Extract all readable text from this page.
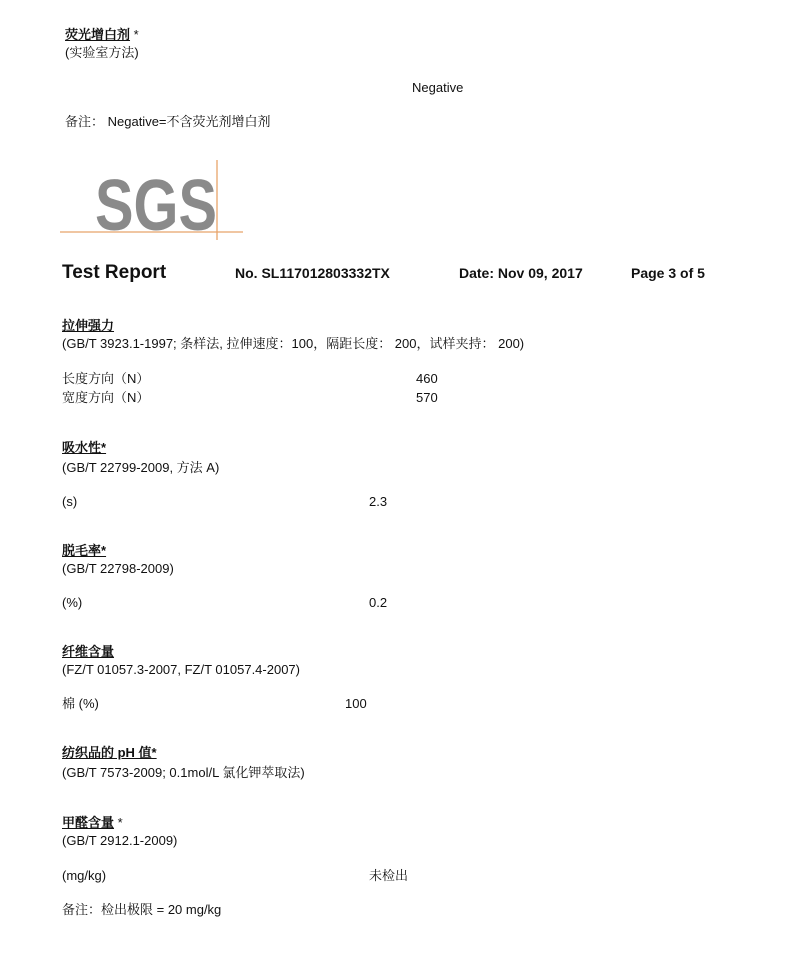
荧光增白剂 *
(实验室方法)
Negative
备注： Negative=不含荧光剂增白剂
SGS
Test Report	No. SL117012803332TX	Date: Nov 09, 2017	Page 3 of 5
拉伸强力
(GB/T 3923.1-1997; 条样法, 拉伸速度：100，隔距长度： 200，试样夹持： 200)
长度方向（N）	460
宽度方向（N）	570
吸水性*
(GB/T 22799-2009, 方法 A)
(s)	2.3
脱毛率*
(GB/T 22798-2009)
(%)	0.2
纤维含量
(FZ/T 01057.3-2007, FZ/T 01057.4-2007)
棉 (%)	100
纺织品的 pH 值*
(GB/T 7573-2009; 0.1mol/L 氯化钾萃取法)
甲醛含量 *
(GB/T 2912.1-2009)
(mg/kg)	未检出
备注：检出极限 = 20 mg/kg
